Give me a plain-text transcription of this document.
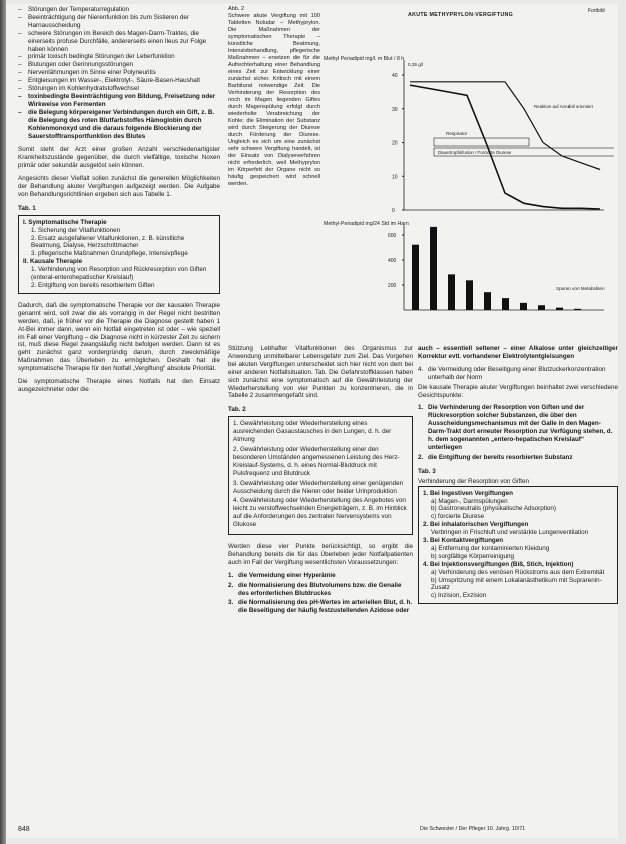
Fortbild
– Störungen der Temperaturregulation
– Beeinträchtigung der Nierenfunktion bis zum Sistieren der Harnausscheidung
– schwere Störungen im Bereich des Magen-Darm-Traktes, die einerseits profuse Durchfälle, andererseits einen Ileus zur Folge haben können
– primär toxisch bedingte Störungen der Leberfunktion
– Blutungen oder Gerinnungsstörungen
– Nervenlähmungen im Sinne einer Polyneuritis
– Entgleisungen im Wasser-, Elektrolyt-, Säure-Basen-Haushalt
– Störungen im Kohlenhydratstoffwechsel
– toxinbedingte Beeinträchtigung von Bildung, Freisetzung oder Wirkweise von Fermenten
– die Belegung körpereigener Verbindungen durch ein Gift, z. B. die Belegung des roten Blutfarbstoffes Hämoglobin durch Kohlenmonoxyd und die daraus folgende Blockierung der Sauerstofftransportfunktion des Blutes

Somit steht der Arzt einer großen Anzahl verschiedenartigster Krankheitszustände gegenüber, die durch vielfältige, toxische Noxen primär oder sekundär ausgelöst sein können.

Angesichts dieser Vielfalt sollen zunächst die generellen Möglichkeiten der Behandlung akuter Vergiftungen aufgezeigt werden. Die Aufgabe von Behandlungsrichtlinien ergeben sich aus Tabelle 1.

Tab. 1
I. Symptomatische Therapie
1. Sicherung der Vitalfunktionen
2. Ersatz ausgefallener Vitalfunktionen, z. B. künstliche Beatmung, Dialyse, Herzschrittmacher
3. pflegerische Maßnahmen Grundpflege, Intensivpflege
II. Kausale Therapie
1. Verhinderung von Resorption und Rückresorption von Giften (enteral-enterohepatischer Kreislauf)
2. Entgiftung von bereits resorbiertem Giften

Dadurch, daß die symptomatische Therapie vor der kausalen Therapie genannt wird, soll zwar die als vorrangig in der Regel nicht bestritten werden, daß, je früher vor die Therapie die Diagnose gestellt haben 1 At-Bei immer dann, wenn ein Notfall eingetreten ist oder – wie speziell im Fall einer Vergiftung – die Diagnose nicht in kürzester Zeit zu sichern ist, muß diese Regel zwangsläufig nicht befolgen werden. Dann ist es geht zunächst ganz vordergründig darum, durch zweckmäßige Maßnahmen das Überleben zu ermöglichen. Deshalb hat die symptomatische Therapie für den Notfall „Vergiftung“ absolute Priorität.

Die symptomatische Therapie eines Notfalls hat den Einsatz ausgezeichneter oder die

Abb. 2
Schwere akute Vergiftung mit 100 Tabletten Noludar – Methyprylon. Die Maßnahmen der symptomatischen Therapie – künstliche Beatmung, Intensivbehandlung, pflegerische Maßnahmen – ersetzen die für die Aufrechterhaltung einer Behandlung eines Zeit zur Entwicklung einer zunächst sicher. Kritisch mit einem Barbiturat notwendige Zeit. Die Verhinderung der Resorption des noch im Magen liegenden Giftes durch Magenspülung erfolgt durch wiederholte Verabreichung der Kohle; die Elimination der Substanz wird durch Steigerung der Diurese durch Förderung der Diurese. Ungleich es sich um eine zunächst sehr schwere Vergiftung handelt, ist der Einsatz von Dialyseverfahren nicht erforderlich, weil Methyprylon im Körperfett der Organe nicht so häufig gespeichert wird schnell werden.
AKUTE METHYPRYLON-VERGIFTUNG
40
30
20
10
0
Methyl Periadipid mg/l. m Blut / 8 h
0,35 g/l
Reaktion auf Anruf
voll orientiert
Respirator
Dauertropfinfusion / Forcierte Diurese
600
400
200
Methyl-Periadipid mg/24 Std im Harn
Spuren von Metaboliten

Stützung Lebhafter Vitalfunktionen des Organismus zur Anwendung unmittelbarer Lebensgefahr zum Ziel. Das Vorgehen bei akuten Vergiftungen unterscheidet sich hier nicht von dem bei einer anderen Notfallsituation. Tab. Die Gefahrstoffklassen haben sich zunächst eine symptomatisch auf die Gewährleistung der Wiederherstellung von vier Punkten zu konzentrieren, die in Tabelle 2 zusammengefaßt sind.

Tab. 2
1. Gewährleistung oder Wiederherstellung eines ausreichenden Gasaustausches in den Lungen, d. h. der Atmung
2. Gewährleistung oder Wiederherstellung einer den besonderen Umständen angemessenen Leistung des Herz-Kreislauf-Systems, d. h. eines Normal-Blutdruck mit Pulsfrequenz und Blutdruck
3. Gewährleistung oder Wiederherstellung einer genügenden Ausscheidung durch die Nieren oder beider Urinproduktion
4. Gewährleistung oder Wiederherstellung des Angebotes von leicht zu verstoffwechselnden Energieträgern, z. B. im Hinblick auf die Anforderungen des zentralen Nervensystems von Glukose

Werden diese vier Punkte berücksichtigt, so ergibt die Behandlung bereits die für das Überleben jeder Notfallpatienten auch im Fall der Vergiftung wesentlichsten Voraussetzungen:

1. die Vermeidung einer Hyperämie
2. die Normalisierung des Blutvolumens bzw. die Genalie des erforderlichen Blutdruckes
3. die Normalisierung des pH-Wertes im arteriellen Blut, d. h. die Beseitigung der häufig festzustellenden Azidose oder

auch – essentiell seltener – einer Alkalose unter gleichzeitiger Korrektur evtl. vorhandener Elektrolytentgleisungen

4. die Vermeidung oder Beseitigung einer Blutzuckerkonzentration unterhalb der Norm

Die kausale Therapie akuter Vergiftungen beinhaltet zwei verschiedene Gesichtspunkte:

1. Die Verhinderung der Resorption von Giften und der Rückresorption solcher Substanzen, die über den Ausscheidungsmechanismus mit der Galle in den Magen-Darm-Trakt dort erneuter Resorption zur Verfügung stehen, d. h. dem sogenannten „entero-hepatischen Kreislauf“ unterliegen
2. die Entgiftung der bereits resorbierten Substanz
Tab. 3
Verhinderung der Resorption von Giften
1. Bei Ingestiven Vergiftungen
a) Magen-, Darmspülungen
b) Gastroneutralis (physikalische Adsorption)
c) forcierte Diurese
2. Bei inhalatorischen Vergiftungen
Verbringen in Frischluft und verstärkte Lungenventilation
3. Bei Kontaktvergiftungen
a) Entfernung der kontaminierten Kleidung
b) sorgfältige Körperreinigung
4. Bei Injektionsvergiftungen (Biß, Stich, Injektion)
a) Verhinderung des venösen Rückstroms aus dem Extremität
b) Umspritzung mit einem Lokalanästhetikum mit Suprarenin-Zusatz
c) Inzision, Exzision
848	Die Schwester / Der Pfleger 10. Jahrg. 10/71
